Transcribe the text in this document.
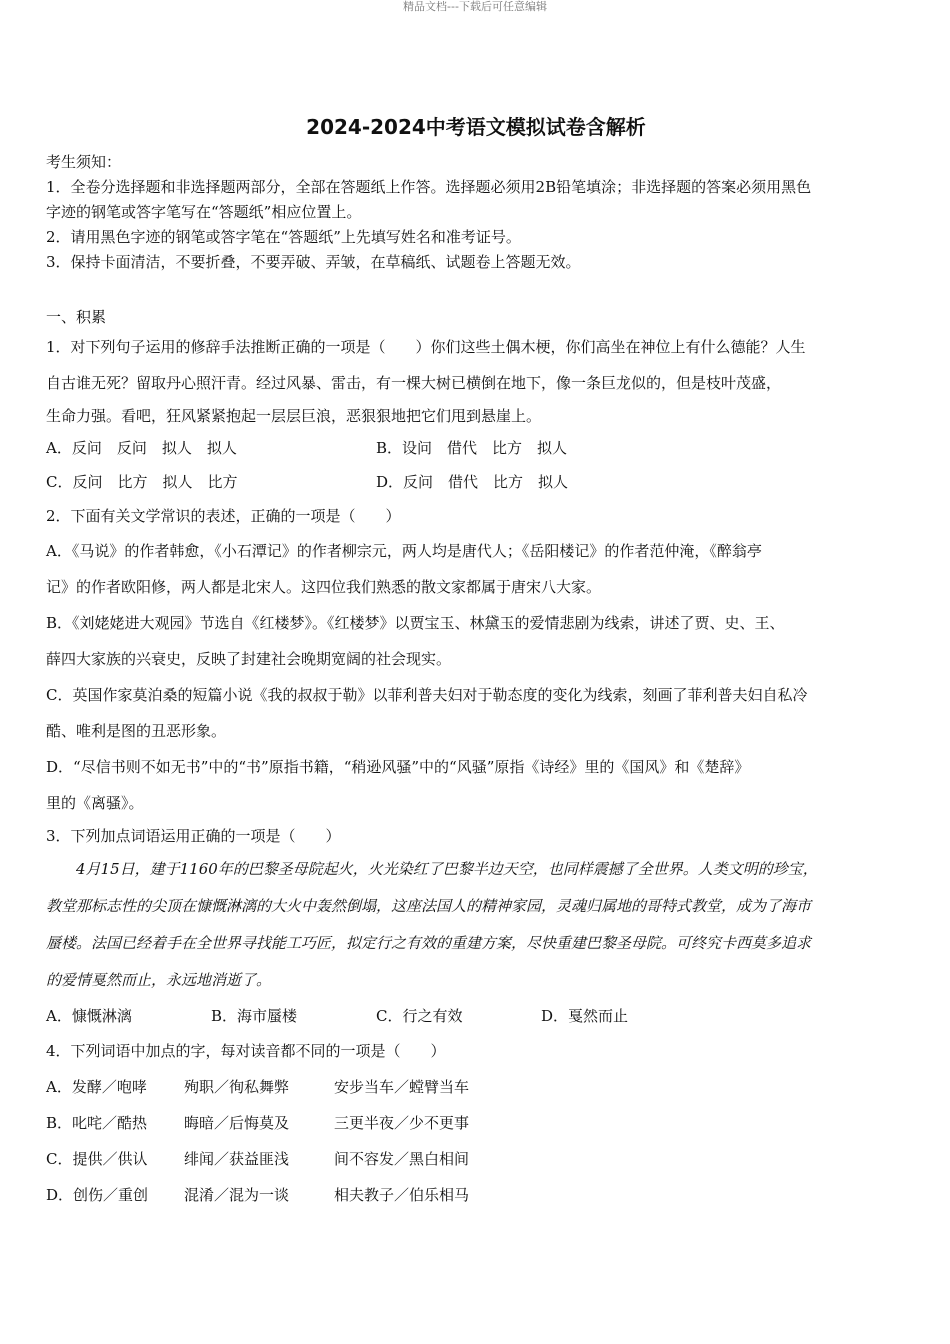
精品文档---下载后可任意编辑
2024-2024中考语文模拟试卷含解析
考生须知：
1．全卷分选择题和非选择题两部分，全部在答题纸上作答。选择题必须用2B铅笔填涂；非选择题的答案必须用黑色
字迹的钢笔或答字笔写在“答题纸”相应位置上。
2．请用黑色字迹的钢笔或答字笔在“答题纸”上先填写姓名和准考证号。
3．保持卡面清洁，不要折叠，不要弄破、弄皱，在草稿纸、试题卷上答题无效。
一、积累
1．对下列句子运用的修辞手法推断正确的一项是（　　）你们这些土偶木梗，你们高坐在神位上有什么德能？人生
自古谁无死？留取丹心照汗青。经过风暴、雷击，有一棵大树已横倒在地下，像一条巨龙似的，但是枝叶茂盛，
生命力强。看吧，狂风紧紧抱起一层层巨浪，恶狠狠地把它们甩到悬崖上。
A．反问　反问　拟人　拟人	B．设问　借代　比方　拟人
C．反问　比方　拟人　比方	D．反问　借代　比方　拟人
2．下面有关文学常识的表述，正确的一项是（　　）
A．《马说》的作者韩愈，《小石潭记》的作者柳宗元，两人均是唐代人；《岳阳楼记》的作者范仲淹，《醉翁亭
记》的作者欧阳修，两人都是北宋人。这四位我们熟悉的散文家都属于唐宋八大家。
B．《刘姥姥进大观园》节选自《红楼梦》。《红楼梦》以贾宝玉、林黛玉的爱情悲剧为线索，讲述了贾、史、王、
薛四大家族的兴衰史，反映了封建社会晚期宽阔的社会现实。
C．英国作家莫泊桑的短篇小说《我的叔叔于勒》以菲利普夫妇对于勒态度的变化为线索，刻画了菲利普夫妇自私冷
酷、唯利是图的丑恶形象。
D．“尽信书则不如无书”中的“书”原指书籍，“稍逊风骚”中的“风骚”原指《诗经》里的《国风》和《楚辞》
里的《离骚》。
3．下列加点词语运用正确的一项是（　　）
4月15日，建于1160年的巴黎圣母院起火，火光染红了巴黎半边天空，也同样震撼了全世界。人类文明的珍宝，
教堂那标志性的尖顶在慷慨淋漓的大火中轰然倒塌，这座法国人的精神家园，灵魂归属地的哥特式教堂，成为了海市
蜃楼。法国已经着手在全世界寻找能工巧匠，拟定行之有效的重建方案，尽快重建巴黎圣母院。可终究卡西莫多追求
的爱情戛然而止，永远地消逝了。
A．慷慨淋漓	B．海市蜃楼	C．行之有效	D．戛然而止
4．下列词语中加点的字，每对读音都不同的一项是（　　）
A．发酵／咆哮	殉职／徇私舞弊	安步当车／螳臂当车
B．叱咤／酷热	晦暗／后悔莫及	三更半夜／少不更事
C．提供／供认	绯闻／获益匪浅	间不容发／黑白相间
D．创伤／重创	混淆／混为一谈	相夫教子／伯乐相马
